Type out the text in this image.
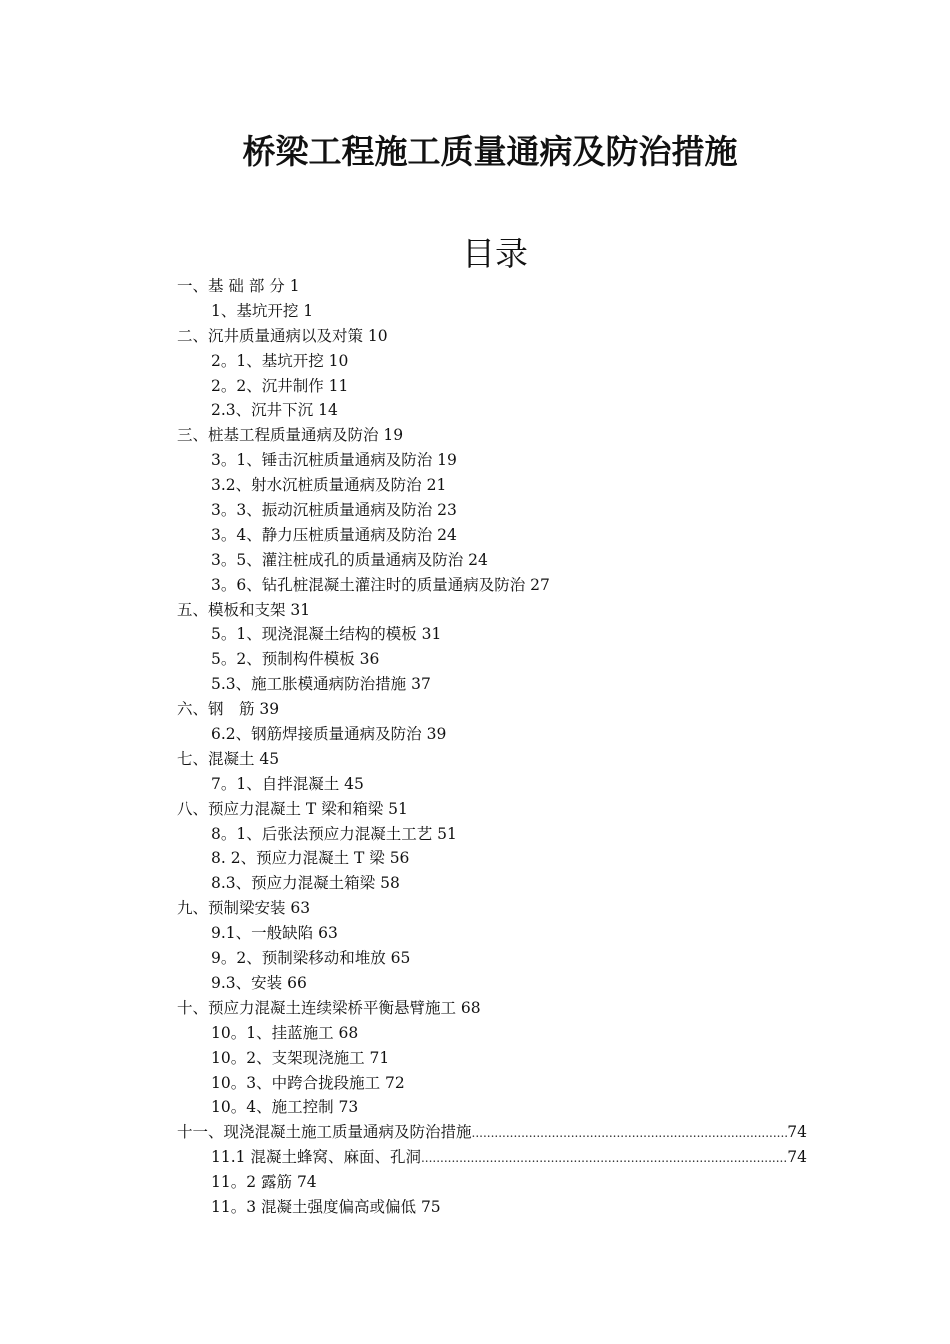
桥梁工程施工质量通病及防治措施
目录
一、基 础 部 分 1
1、基坑开挖 1
二、沉井质量通病以及对策 10
2。1、基坑开挖 10
2。2、沉井制作 11
2.3、沉井下沉 14
三、桩基工程质量通病及防治 19
3。1、锤击沉桩质量通病及防治 19
3.2、射水沉桩质量通病及防治 21
3。3、振动沉桩质量通病及防治 23
3。4、静力压桩质量通病及防治 24
3。5、灌注桩成孔的质量通病及防治 24
3。6、钻孔桩混凝土灌注时的质量通病及防治 27
五、模板和支架 31
5。1、现浇混凝土结构的模板 31
5。2、预制构件模板 36
5.3、施工胀模通病防治措施 37
六、钢　筋 39
6.2、钢筋焊接质量通病及防治 39
七、混凝土 45
7。1、自拌混凝土 45
八、预应力混凝土 T 梁和箱梁 51
8。1、后张法预应力混凝土工艺 51
8. 2、预应力混凝土 T 梁 56
8.3、预应力混凝土箱梁 58
九、预制梁安装 63
9.1、一般缺陷 63
9。2、预制梁移动和堆放 65
9.3、安装 66
十、预应力混凝土连续梁桥平衡悬臂施工 68
10。1、挂蓝施工 68
10。2、支架现浇施工 71
10。3、中跨合拢段施工 72
10。4、施工控制 73
十一、现浇混凝土施工质量通病及防治措施 .....	74
11.1 混凝土蜂窝、麻面、孔洞 .....	74
11。2 露筋 74
11。3 混凝土强度偏高或偏低 75
